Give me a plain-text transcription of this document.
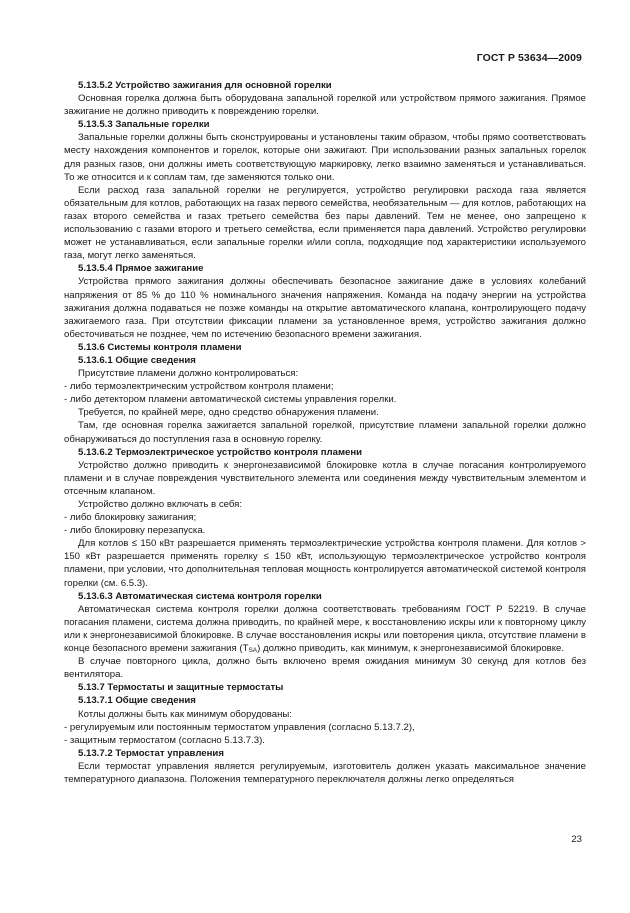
ГОСТ Р 53634—2009
5.13.5.2 Устройство зажигания для основной горелки
Основная горелка должна быть оборудована запальной горелкой или устройством прямого зажигания. Прямое зажигание не должно приводить к повреждению горелки.
5.13.5.3 Запальные горелки
Запальные горелки должны быть сконструированы и установлены таким образом, чтобы прямо соответствовать месту нахождения компонентов и горелок, которые они зажигают. При использовании разных запальных горелок для разных газов, они должны иметь соответствующую маркировку, легко взаимно заменяться и устанавливаться. То же относится и к соплам там, где заменяются только они.
Если расход газа запальной горелки не регулируется, устройство регулировки расхода газа является обязательным для котлов, работающих на газах первого семейства, необязательным — для котлов, работающих на газах второго семейства и газах третьего семейства без пары давлений. Тем не менее, оно запрещено к использованию с газами второго и третьего семейства, если применяется пара давлений. Устройство регулировки может не устанавливаться, если запальные горелки и/или сопла, подходящие под характеристики используемого газа, могут легко заменяться.
5.13.5.4 Прямое зажигание
Устройства прямого зажигания должны обеспечивать безопасное зажигание даже в условиях колебаний напряжения от 85 % до 110 % номинального значения напряжения. Команда на подачу энергии на устройства зажигания должна подаваться не позже команды на открытие автоматического клапана, контролирующего подачу зажигаемого газа. При отсутствии фиксации пламени за установленное время, устройство зажигания должно обесточиваться не позднее, чем по истечению безопасного времени зажигания.
5.13.6 Системы контроля пламени
5.13.6.1 Общие сведения
Присутствие пламени должно контролироваться:
- либо термоэлектрическим устройством контроля пламени;
- либо детектором пламени автоматической системы управления горелки.
Требуется, по крайней мере, одно средство обнаружения пламени.
Там, где основная горелка зажигается запальной горелкой, присутствие пламени запальной горелки должно обнаруживаться до поступления газа в основную горелку.
5.13.6.2 Термоэлектрическое устройство контроля пламени
Устройство должно приводить к энергонезависимой блокировке котла в случае погасания контролируемого пламени и в случае повреждения чувствительного элемента или соединения между чувствительным элементом и отсечным клапаном.
Устройство должно включать в себя:
- либо блокировку зажигания;
- либо блокировку перезапуска.
Для котлов ≤ 150 кВт разрешается применять термоэлектрические устройства контроля пламени. Для котлов > 150 кВт разрешается применять горелку ≤ 150 кВт, использующую термоэлектрическое устройство контроля пламени, при условии, что дополнительная тепловая мощность контролируется автоматической системой контроля горелки (см. 6.5.3).
5.13.6.3 Автоматическая система контроля горелки
Автоматическая система контроля горелки должна соответствовать требованиям ГОСТ Р 52219. В случае погасания пламени, система должна приводить, по крайней мере, к восстановлению искры или к повторному циклу или к энергонезависимой блокировке. В случае восстановления искры или повторения цикла, отсутствие пламени в конце безопасного времени зажигания $(T_{SA})$ должно приводить, как минимум, к энергонезависимой блокировке.
В случае повторного цикла, должно быть включено время ожидания минимум 30 секунд для котлов без вентилятора.
5.13.7 Термостаты и защитные термостаты
5.13.7.1 Общие сведения
Котлы должны быть как минимум оборудованы:
- регулируемым или постоянным термостатом управления (согласно 5.13.7.2),
- защитным термостатом (согласно 5.13.7.3).
5.13.7.2 Термостат управления
Если термостат управления является регулируемым, изготовитель должен указать максимальное значение температурного диапазона. Положения температурного переключателя должны легко определяться
23
